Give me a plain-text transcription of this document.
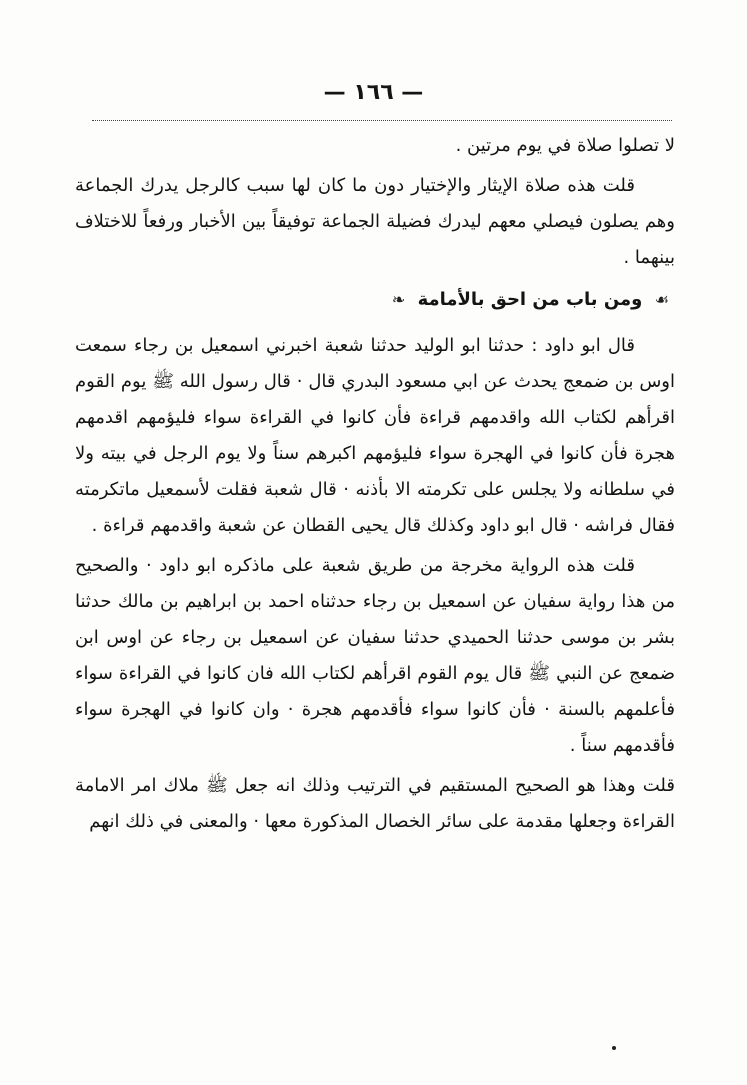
— ١٦٦ —

لا تصلوا صلاة في يوم مرتين .

قلت هذه صلاة الإيثار والإختيار دون ما كان لها سبب كالرجل يدرك الجماعة وهم يصلون فيصلي معهم ليدرك فضيلة الجماعة توفيقاً بين الأخبار ورفعاً للاختلاف بينهما .

☙ ومن باب من احق بالأمامة ❧

قال ابو داود : حدثنا ابو الوليد حدثنا شعبة اخبرني اسمعيل بن رجاء سمعت اوس بن ضمعج يحدث عن ابي مسعود البدري قال · قال رسول الله ﷺ يوم القوم اقرأهم لكتاب الله واقدمهم قراءة فأن كانوا في القراءة سواء فليؤمهم اقدمهم هجرة فأن كانوا في الهجرة سواء فليؤمهم اكبرهم سناً ولا يوم الرجل في بيته ولا في سلطانه ولا يجلس على تكرمته الا بأذنه · قال شعبة فقلت لأسمعيل ماتكرمته فقال فراشه · قال ابو داود وكذلك قال يحيى القطان عن شعبة واقدمهم قراءة .

قلت هذه الرواية مخرجة من طريق شعبة على ماذكره ابو داود · والصحيح من هذا رواية سفيان عن اسمعيل بن رجاء حدثناه احمد بن ابراهيم بن مالك حدثنا بشر بن موسى حدثنا الحميدي حدثنا سفيان عن اسمعيل بن رجاء عن اوس ابن ضمعج عن النبي ﷺ قال يوم القوم اقرأهم لكتاب الله فان كانوا في القراءة سواء فأعلمهم بالسنة · فأن كانوا سواء فأقدمهم هجرة · وان كانوا في الهجرة سواء فأقدمهم سناً .

قلت وهذا هو الصحيح المستقيم في الترتيب وذلك انه جعل ﷺ ملاك امر الامامة القراءة وجعلها مقدمة على سائر الخصال المذكورة معها · والمعنى في ذلك انهم
